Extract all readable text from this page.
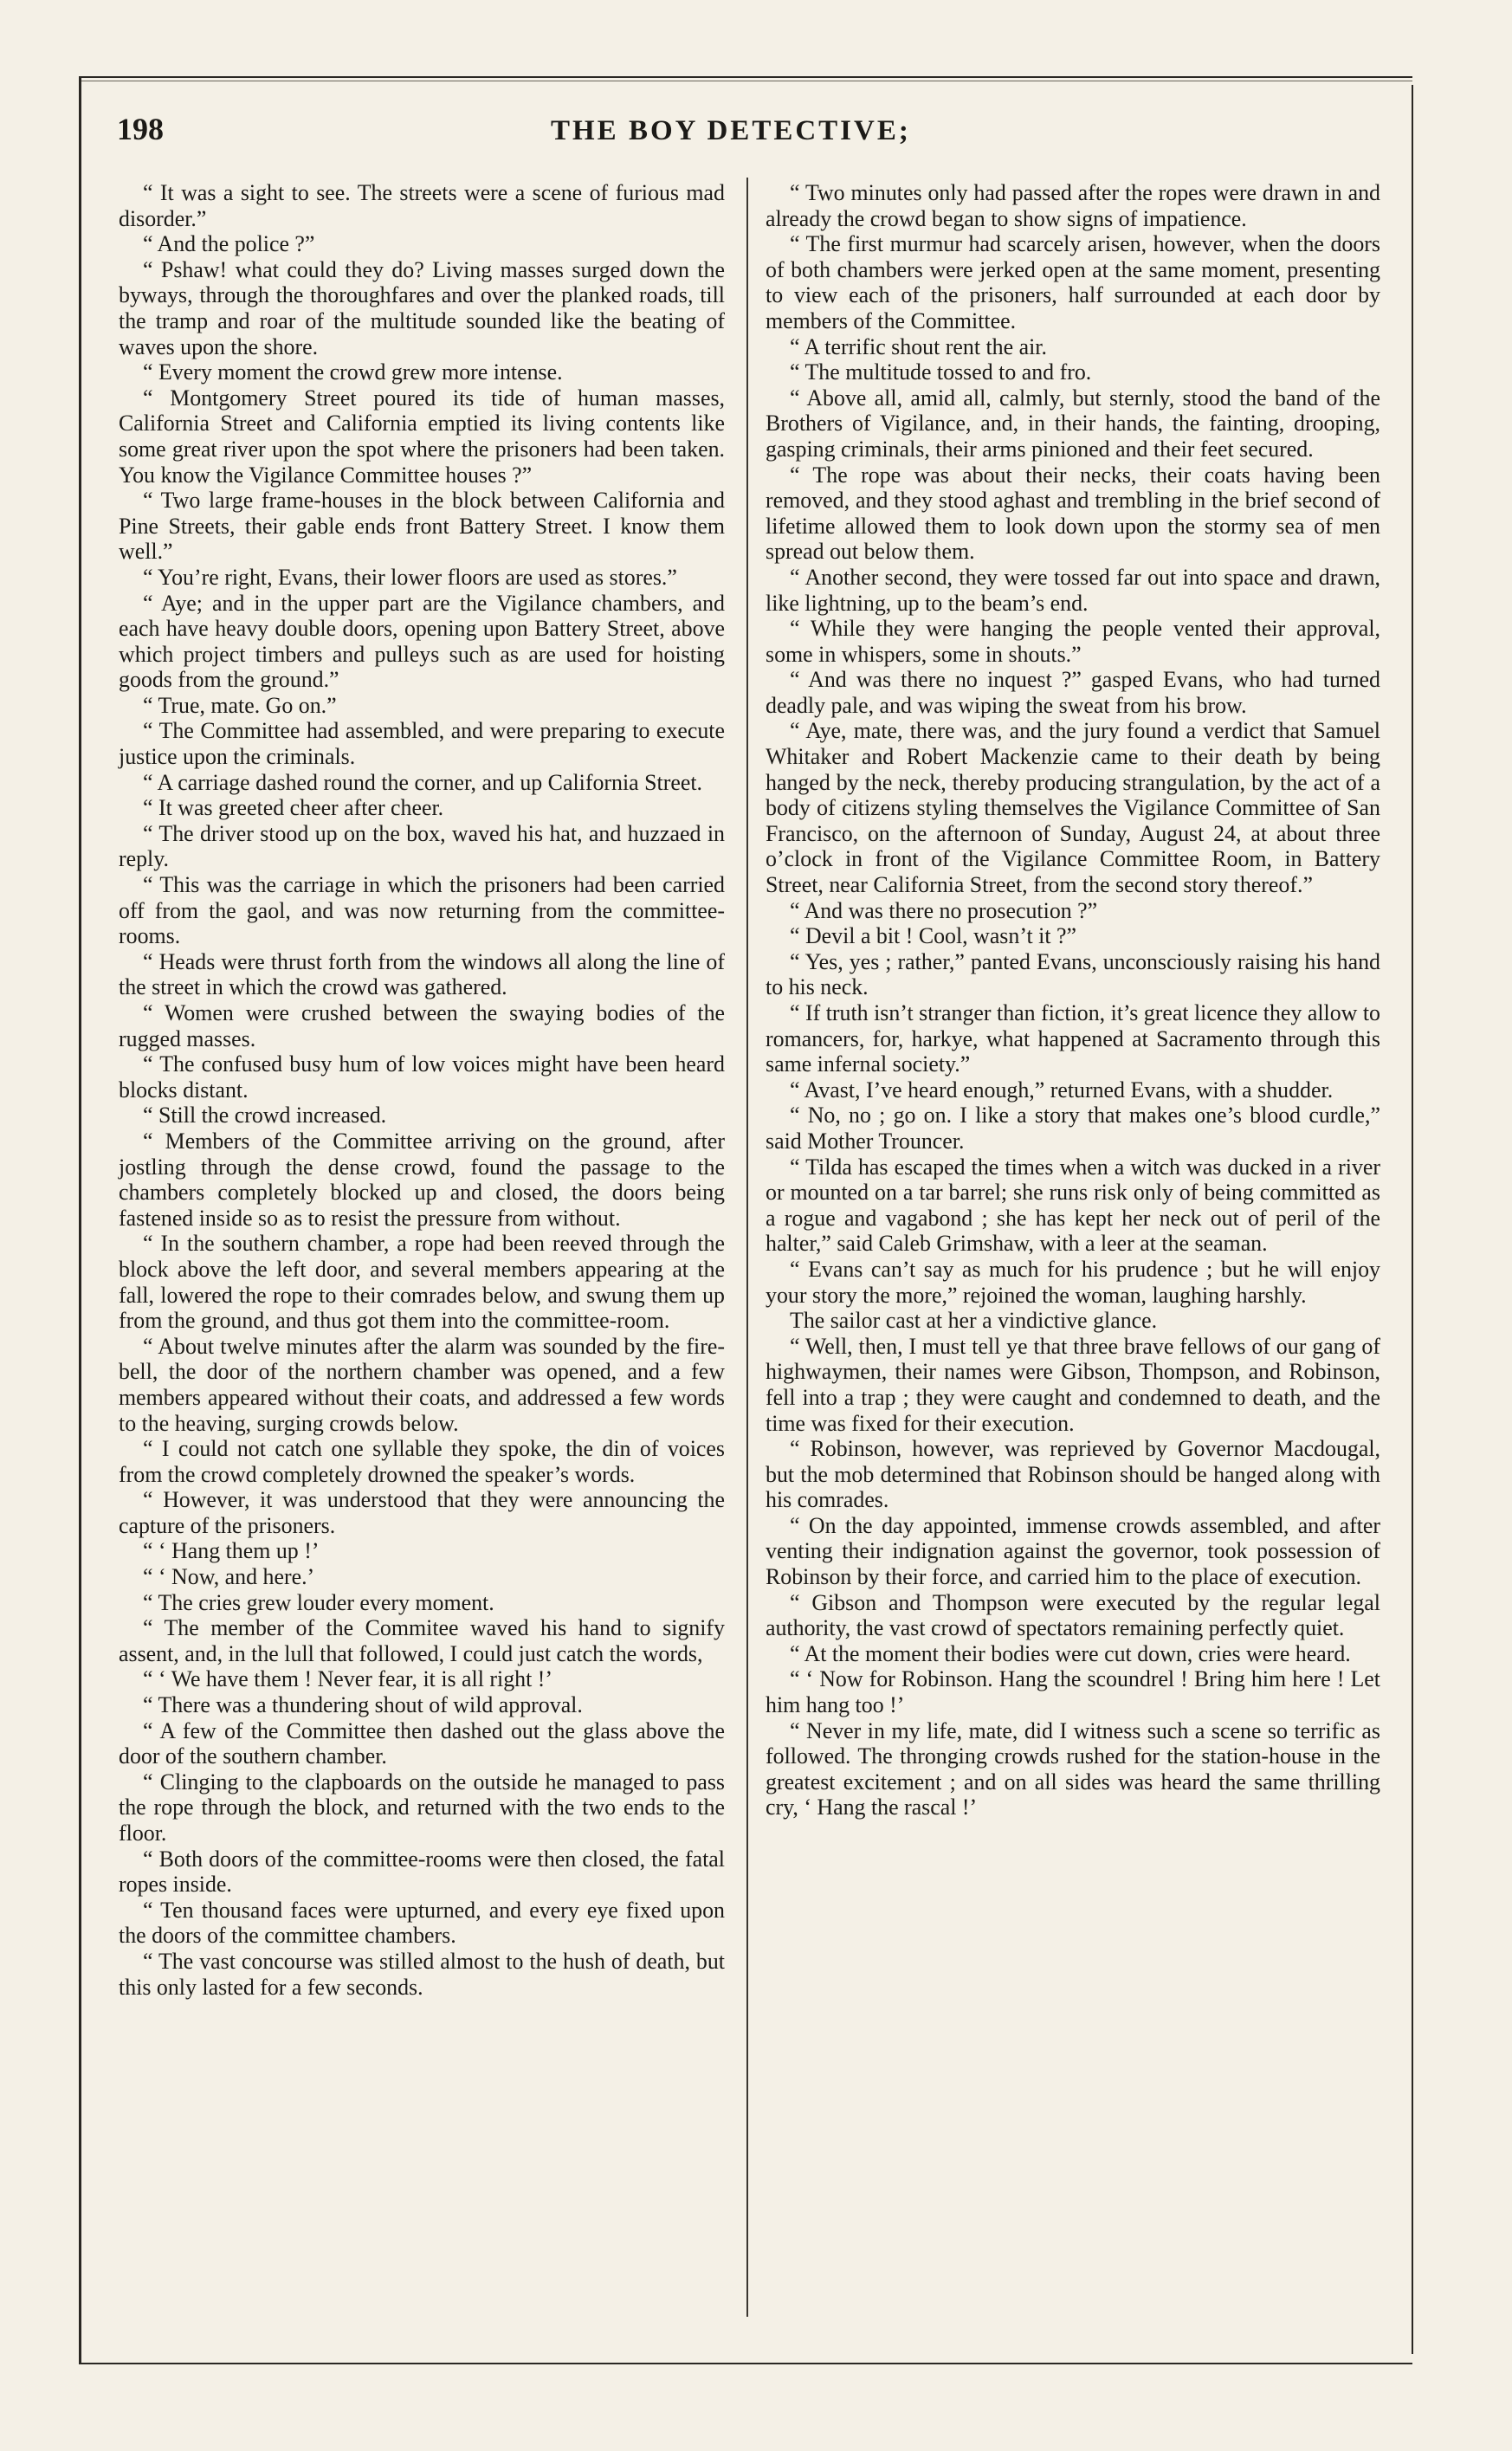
198	THE BOY DETECTIVE;

“ It was a sight to see. The streets were a scene of furious mad disorder.”

“ And the police ?”

“ Pshaw! what could they do? Living masses surged down the byways, through the thoroughfares and over the planked roads, till the tramp and roar of the multitude sounded like the beating of waves upon the shore.

“ Every moment the crowd grew more intense.

“ Montgomery Street poured its tide of human masses, California Street and California emptied its living contents like some great river upon the spot where the prisoners had been taken. You know the Vigilance Committee houses ?”

“ Two large frame-houses in the block between California and Pine Streets, their gable ends front Battery Street. I know them well.”

“ You’re right, Evans, their lower floors are used as stores.”

“ Aye; and in the upper part are the Vigilance chambers, and each have heavy double doors, opening upon Battery Street, above which project timbers and pulleys such as are used for hoisting goods from the ground.”

“ True, mate. Go on.”

“ The Committee had assembled, and were preparing to execute justice upon the criminals.

“ A carriage dashed round the corner, and up California Street.

“ It was greeted cheer after cheer.

“ The driver stood up on the box, waved his hat, and huzzaed in reply.

“ This was the carriage in which the prisoners had been carried off from the gaol, and was now returning from the committee-rooms.

“ Heads were thrust forth from the windows all along the line of the street in which the crowd was gathered.

“ Women were crushed between the swaying bodies of the rugged masses.

“ The confused busy hum of low voices might have been heard blocks distant.

“ Still the crowd increased.

“ Members of the Committee arriving on the ground, after jostling through the dense crowd, found the passage to the chambers completely blocked up and closed, the doors being fastened inside so as to resist the pressure from without.

“ In the southern chamber, a rope had been reeved through the block above the left door, and several members appearing at the fall, lowered the rope to their comrades below, and swung them up from the ground, and thus got them into the committee-room.

“ About twelve minutes after the alarm was sounded by the fire-bell, the door of the northern chamber was opened, and a few members appeared without their coats, and addressed a few words to the heaving, surging crowds below.

“ I could not catch one syllable they spoke, the din of voices from the crowd completely drowned the speaker’s words.

“ However, it was understood that they were announcing the capture of the prisoners.

“ ‘ Hang them up !’

“ ‘ Now, and here.’

“ The cries grew louder every moment.

“ The member of the Commitee waved his hand to signify assent, and, in the lull that followed, I could just catch the words,

“ ‘ We have them ! Never fear, it is all right !’

“ There was a thundering shout of wild approval.

“ A few of the Committee then dashed out the glass above the door of the southern chamber.

“ Clinging to the clapboards on the outside he managed to pass the rope through the block, and returned with the two ends to the floor.

“ Both doors of the committee-rooms were then closed, the fatal ropes inside.

“ Ten thousand faces were upturned, and every eye fixed upon the doors of the committee chambers.

“ The vast concourse was stilled almost to the hush of death, but this only lasted for a few seconds.

“ Two minutes only had passed after the ropes were drawn in and already the crowd began to show signs of impatience.

“ The first murmur had scarcely arisen, however, when the doors of both chambers were jerked open at the same moment, presenting to view each of the prisoners, half surrounded at each door by members of the Committee.

“ A terrific shout rent the air.

“ The multitude tossed to and fro.

“ Above all, amid all, calmly, but sternly, stood the band of the Brothers of Vigilance, and, in their hands, the fainting, drooping, gasping criminals, their arms pinioned and their feet secured.

“ The rope was about their necks, their coats having been removed, and they stood aghast and trembling in the brief second of lifetime allowed them to look down upon the stormy sea of men spread out below them.

“ Another second, they were tossed far out into space and drawn, like lightning, up to the beam’s end.

“ While they were hanging the people vented their approval, some in whispers, some in shouts.”

“ And was there no inquest ?” gasped Evans, who had turned deadly pale, and was wiping the sweat from his brow.

“ Aye, mate, there was, and the jury found a verdict that Samuel Whitaker and Robert Mackenzie came to their death by being hanged by the neck, thereby producing strangulation, by the act of a body of citizens styling themselves the Vigilance Committee of San Francisco, on the afternoon of Sunday, August 24, at about three o’clock in front of the Vigilance Committee Room, in Battery Street, near California Street, from the second story thereof.”

“ And was there no prosecution ?”

“ Devil a bit ! Cool, wasn’t it ?”

“ Yes, yes ; rather,” panted Evans, unconsciously raising his hand to his neck.

“ If truth isn’t stranger than fiction, it’s great licence they allow to romancers, for, harkye, what happened at Sacramento through this same infernal society.”

“ Avast, I’ve heard enough,” returned Evans, with a shudder.

“ No, no ; go on. I like a story that makes one’s blood curdle,” said Mother Trouncer.

“ Tilda has escaped the times when a witch was ducked in a river or mounted on a tar barrel; she runs risk only of being committed as a rogue and vagabond ; she has kept her neck out of peril of the halter,” said Caleb Grimshaw, with a leer at the seaman.

“ Evans can’t say as much for his prudence ; but he will enjoy your story the more,” rejoined the woman, laughing harshly.

The sailor cast at her a vindictive glance.

“ Well, then, I must tell ye that three brave fellows of our gang of highwaymen, their names were Gibson, Thompson, and Robinson, fell into a trap ; they were caught and condemned to death, and the time was fixed for their execution.

“ Robinson, however, was reprieved by Governor Macdougal, but the mob determined that Robinson should be hanged along with his comrades.

“ On the day appointed, immense crowds assembled, and after venting their indignation against the governor, took possession of Robinson by their force, and carried him to the place of execution.

“ Gibson and Thompson were executed by the regular legal authority, the vast crowd of spectators remaining perfectly quiet.

“ At the moment their bodies were cut down, cries were heard.

“ ‘ Now for Robinson. Hang the scoundrel ! Bring him here ! Let him hang too !’

“ Never in my life, mate, did I witness such a scene so terrific as followed. The thronging crowds rushed for the station-house in the greatest excitement ; and on all sides was heard the same thrilling cry, ‘ Hang the rascal !’
